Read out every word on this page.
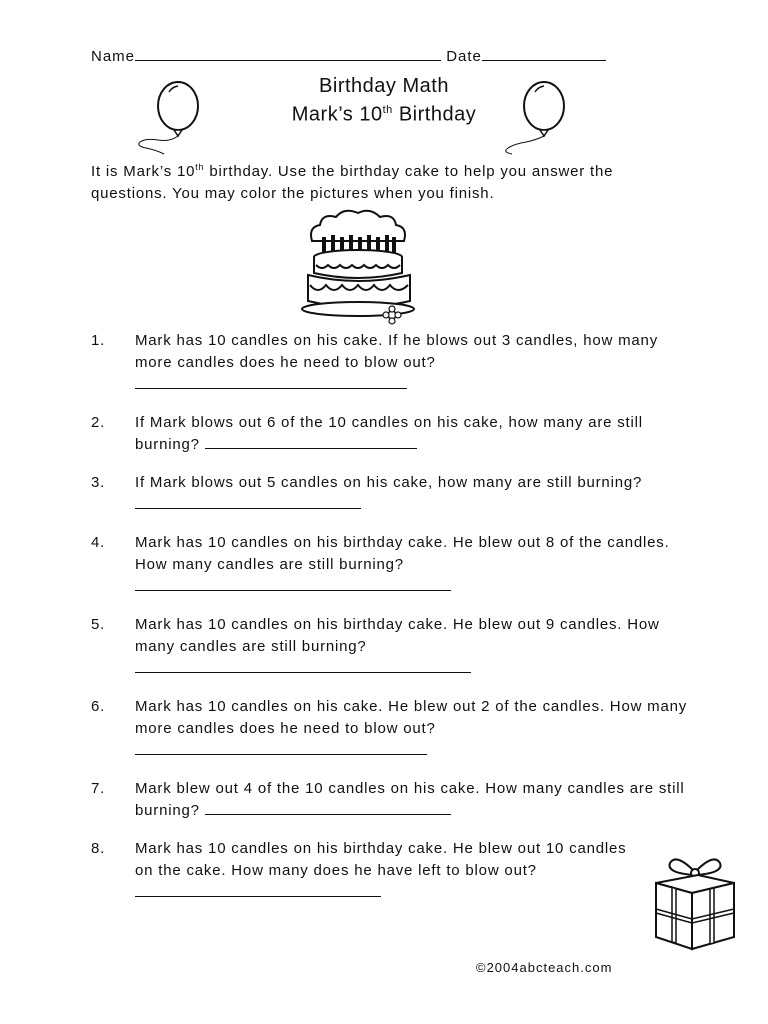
Name	Date
Birthday Math
Mark’s 10th Birthday
It is Mark’s 10th birthday. Use the birthday cake to help you answer the questions. You may color the pictures when you finish.
1. Mark has 10 candles on his cake. If he blows out 3 candles, how many more candles does he need to blow out?

2. If Mark blows out 6 of the 10 candles on his cake, how many are still burning?
3. If Mark blows out 5 candles on his cake, how many are still burning?
4. Mark has 10 candles on his birthday cake. He blew out 8 of the candles. How many candles are still burning?

5. Mark has 10 candles on his birthday cake. He blew out 9 candles. How many candles are still burning?

6. Mark has 10 candles on his cake. He blew out 2 of the candles. How many more candles does he need to blow out?

7. Mark blew out 4 of the 10 candles on his cake. How many candles are still burning?
8. Mark has 10 candles on his birthday cake. He blew out 10 candles on the cake. How many does he have left to blow out?
©2004abcteach.com
